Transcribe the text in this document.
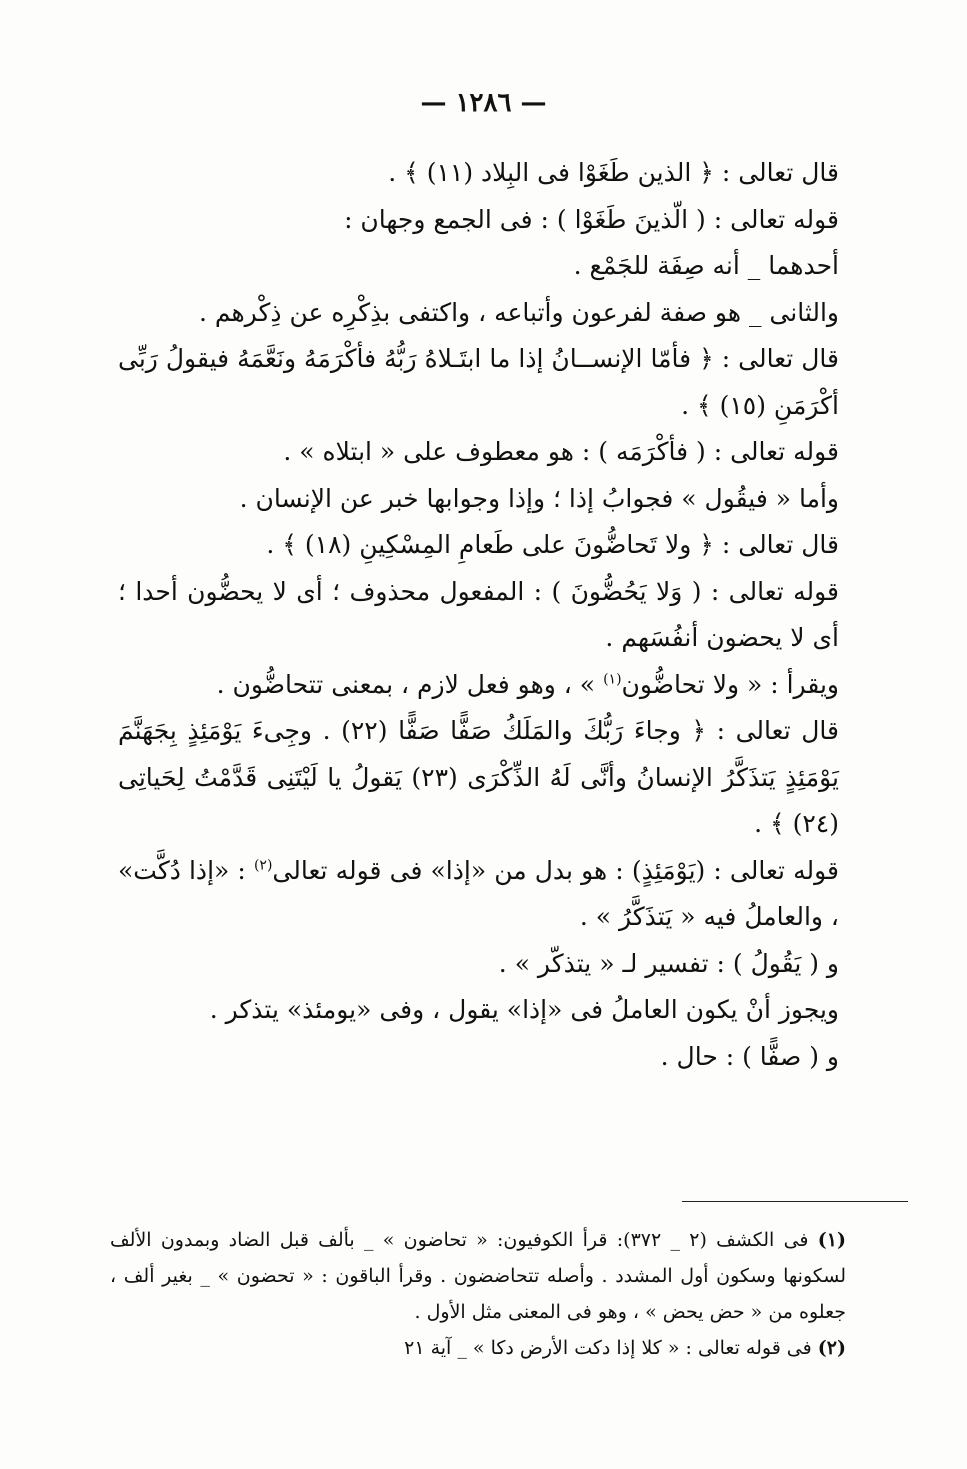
— ١٢٨٦ —

قال تعالى : ﴿ الذين طَغَوْا فى البِلاد (١١) ﴾ .

قوله تعالى : ( الّذينَ طَغَوْا ) : فى الجمع وجهان :

أحدهما _ أنه صِفَة للجَمْع .

والثانى _ هو صفة لفرعون وأتباعه ، واكتفى بذِكْرِه عن ذِكْرهم .

قال تعالى : ﴿ فأمّا الإنســانُ إذا ما ابتَـلاهُ رَبُّهُ فأكْرَمَهُ ونَعَّمَهُ فيقولُ رَبِّى أكْرَمَنِ (١٥) ﴾ .

قوله تعالى : ( فأكْرَمَه ) : هو معطوف على « ابتلاه » .

وأما « فيقُول » فجوابُ إذا ؛ وإذا وجوابها خبر عن الإنسان .

قال تعالى : ﴿ ولا تَحاضُّونَ على طَعامِ المِسْكِينِ (١٨) ﴾ .

قوله تعالى : ( وَلا يَحُضُّونَ ) : المفعول محذوف ؛ أى لا يحضُّون أحدا ؛ أى لا يحضون أنفُسَهم .

ويقرأ : « ولا تحاضُّون$^{(١)}$ » ، وهو فعل لازم ، بمعنى تتحاضُّون .

قال تعالى : ﴿ وجاءَ رَبُّكَ والمَلَكُ صَفًّا صَفًّا (٢٢) . وجِىءَ يَوْمَئِذٍ بِجَهَنَّمَ يَوْمَئِذٍ يَتذَكَّرُ الإنسانُ وأنَّى لَهُ الذِّكْرَى (٢٣) يَقولُ يا لَيْتَنِى قَدَّمْتُ لِحَياتِى (٢٤) ﴾ .

قوله تعالى : (يَوْمَئِذٍ) : هو بدل من «إذا» فى قوله تعالى$^{(٢)}$ : «إذا دُكَّت» ، والعاملُ فيه « يَتذَكَّرُ » .

و ( يَقُولُ ) : تفسير لـ « يتذكّر » .

ويجوز أنْ يكون العاملُ فى «إذا» يقول ، وفى «يومئذ» يتذكر .

و ( صفًّا ) : حال .

(١) فى الكشف (٢ _ ٣٧٢): قرأ الكوفيون: « تحاضون » _ بألف قبل الضاد وبمدون الألف لسكونها وسكون أول المشدد . وأصله تتحاضضون . وقرأ الباقون : « تحضون » _ بغير ألف ، جعلوه من « حض يحض » ، وهو فى المعنى مثل الأول .

(٢) فى قوله تعالى : « كلا إذا دكت الأرض دكا » _ آية ٢١
